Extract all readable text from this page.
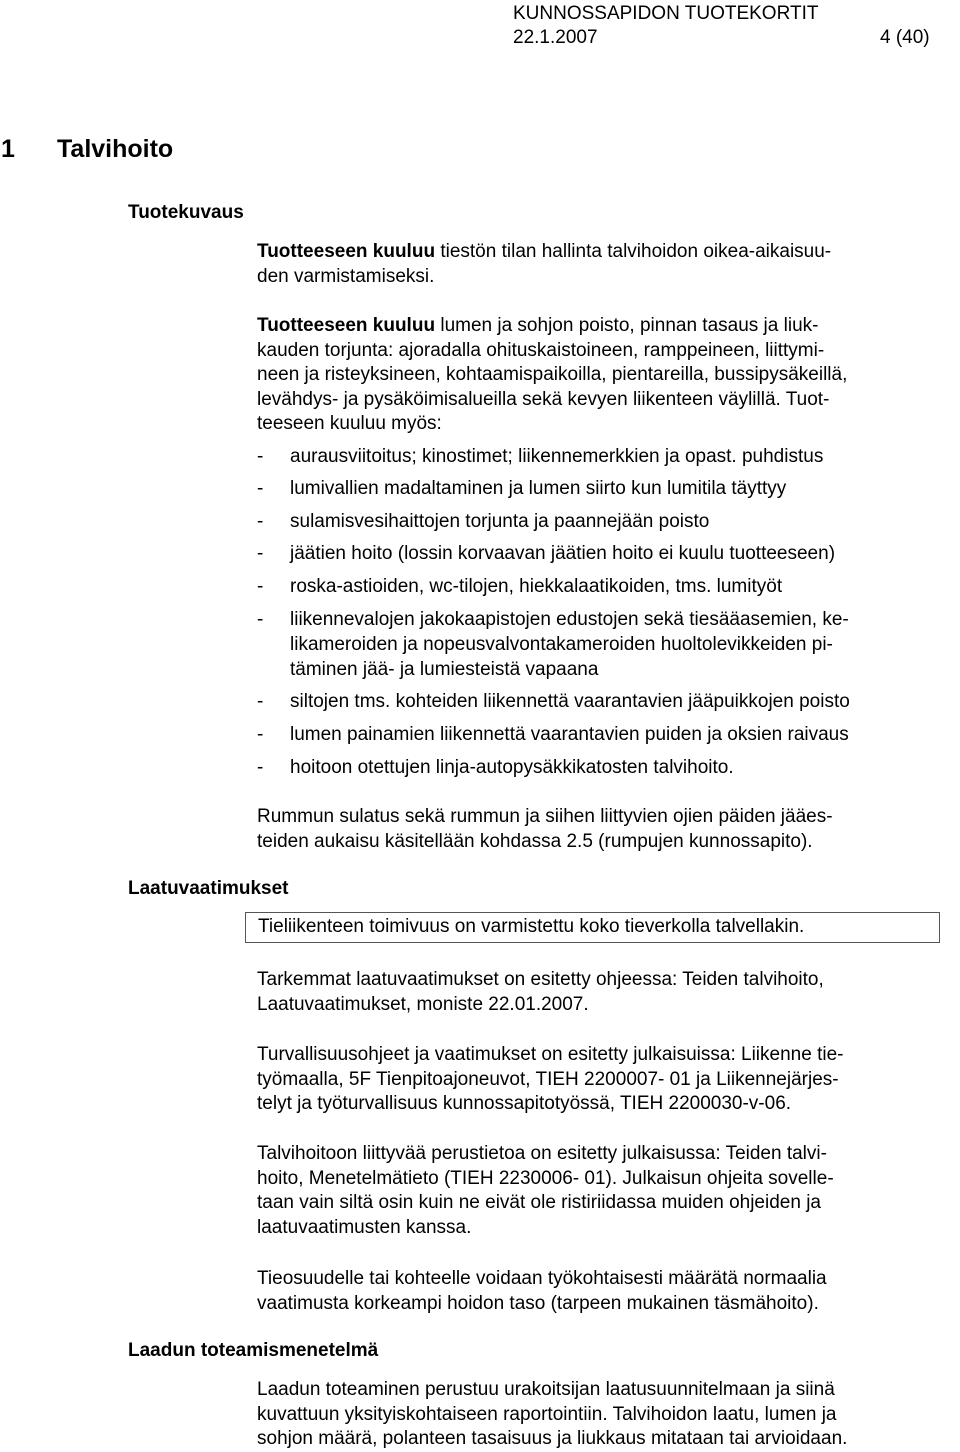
KUNNOSSAPIDON TUOTEKORTIT
22.1.2007	4 (40)
1 Talvihoito
Tuotekuvaus
Laatuvaatimukset
Laadun toteamismenetelmä
Tuotteeseen kuuluu tiestön tilan hallinta talvihoidon oikea-aikaisuu-
den varmistamiseksi.
Tuotteeseen kuuluu lumen ja sohjon poisto, pinnan tasaus ja liuk-
kauden torjunta: ajoradalla ohituskaistoineen, ramppeineen, liittymi-
neen ja risteyksineen, kohtaamispaikoilla, pientareilla, bussipysäkeillä,
levähdys- ja pysäköimisalueilla sekä kevyen liikenteen väylillä. Tuot-
teeseen kuuluu myös:
- aurausviitoitus; kinostimet; liikennemerkkien ja opast. puhdistus
- lumivallien madaltaminen ja lumen siirto kun lumitila täyttyy
- sulamisvesihaittojen torjunta ja paannejään poisto
- jäätien hoito (lossin korvaavan jäätien hoito ei kuulu tuotteeseen)
- roska-astioiden, wc-tilojen, hiekkalaatikoiden, tms. lumityöt
- liikennevalojen jakokaapistojen edustojen sekä tiesääasemien, ke-
likameroiden ja nopeusvalvontakameroiden huoltolevikkeiden pi-
täminen jää- ja lumiesteistä vapaana
- siltojen tms. kohteiden liikennettä vaarantavien jääpuikkojen poisto
- lumen painamien liikennettä vaarantavien puiden ja oksien raivaus
- hoitoon otettujen linja-autopysäkkikatosten talvihoito.
Rummun sulatus sekä rummun ja siihen liittyvien ojien päiden jääes-
teiden aukaisu käsitellään kohdassa 2.5 (rumpujen kunnossapito).
Tieliikenteen toimivuus on varmistettu koko tieverkolla talvellakin.
Tarkemmat laatuvaatimukset on esitetty ohjeessa: Teiden talvihoito,
Laatuvaatimukset, moniste 22.01.2007.
Turvallisuusohjeet ja vaatimukset on esitetty julkaisuissa: Liikenne tie-
työmaalla, 5F Tienpitoajoneuvot, TIEH 2200007- 01 ja Liikennejärjes-
telyt ja työturvallisuus kunnossapitotyössä, TIEH 2200030-v-06.
Talvihoitoon liittyvää perustietoa on esitetty julkaisussa: Teiden talvi-
hoito, Menetelmätieto (TIEH 2230006- 01). Julkaisun ohjeita sovelle-
taan vain siltä osin kuin ne eivät ole ristiriidassa muiden ohjeiden ja
laatuvaatimusten kanssa.
Tieosuudelle tai kohteelle voidaan työkohtaisesti määrätä normaalia
vaatimusta korkeampi hoidon taso (tarpeen mukainen täsmähoito).
Laadun toteaminen perustuu urakoitsijan laatusuunnitelmaan ja siinä
kuvattuun yksityiskohtaiseen raportointiin. Talvihoidon laatu, lumen ja
sohjon määrä, polanteen tasaisuus ja liukkaus mitataan tai arvioidaan.
